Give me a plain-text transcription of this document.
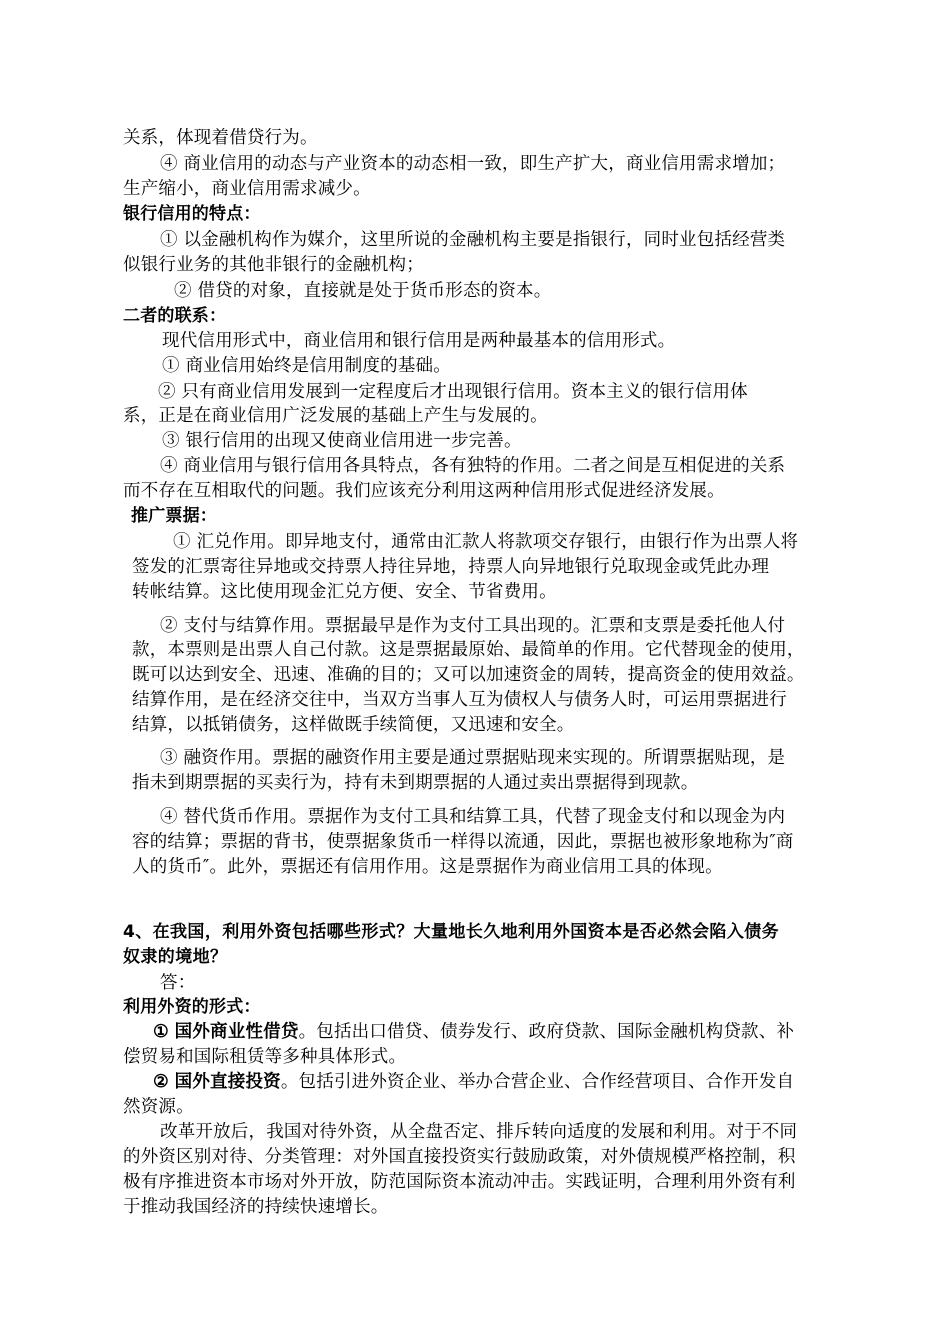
关系，体现着借贷行为。
④ 商业信用的动态与产业资本的动态相一致，即生产扩大，商业信用需求增加；
生产缩小，商业信用需求减少。
银行信用的特点：
① 以金融机构作为媒介，这里所说的金融机构主要是指银行，同时业包括经营类
似银行业务的其他非银行的金融机构；
② 借贷的对象，直接就是处于货币形态的资本。
二者的联系：
现代信用形式中，商业信用和银行信用是两种最基本的信用形式。
① 商业信用始终是信用制度的基础。
② 只有商业信用发展到一定程度后才出现银行信用。资本主义的银行信用体
系，正是在商业信用广泛发展的基础上产生与发展的。
③ 银行信用的出现又使商业信用进一步完善。
④ 商业信用与银行信用各具特点，各有独特的作用。二者之间是互相促进的关系
而不存在互相取代的问题。我们应该充分利用这两种信用形式促进经济发展。
推广票据：
① 汇兑作用。即异地支付，通常由汇款人将款项交存银行，由银行作为出票人将
签发的汇票寄往异地或交持票人持往异地，持票人向异地银行兑取现金或凭此办理
转帐结算。这比使用现金汇兑方便、安全、节省费用。
② 支付与结算作用。票据最早是作为支付工具出现的。汇票和支票是委托他人付
款，本票则是出票人自己付款。这是票据最原始、最简单的作用。它代替现金的使用，
既可以达到安全、迅速、准确的目的；又可以加速资金的周转，提高资金的使用效益。
结算作用，是在经济交往中，当双方当事人互为债权人与债务人时，可运用票据进行
结算，以抵销债务，这样做既手续简便，又迅速和安全。
③ 融资作用。票据的融资作用主要是通过票据贴现来实现的。所谓票据贴现，是
指未到期票据的买卖行为，持有未到期票据的人通过卖出票据得到现款。
④ 替代货币作用。票据作为支付工具和结算工具，代替了现金支付和以现金为内
容的结算；票据的背书，使票据象货币一样得以流通，因此，票据也被形象地称为″商
人的货币″。此外，票据还有信用作用。这是票据作为商业信用工具的体现。
4、在我国，利用外资包括哪些形式？大量地长久地利用外国资本是否必然会陷入债务
奴隶的境地？
答：
利用外资的形式：
① 国外商业性借贷。包括出口借贷、债券发行、政府贷款、国际金融机构贷款、补
偿贸易和国际租赁等多种具体形式。
② 国外直接投资。包括引进外资企业、举办合营企业、合作经营项目、合作开发自
然资源。
改革开放后，我国对待外资，从全盘否定、排斥转向适度的发展和利用。对于不同
的外资区别对待、分类管理：对外国直接投资实行鼓励政策，对外债规模严格控制，积
极有序推进资本市场对外开放，防范国际资本流动冲击。实践证明，合理利用外资有利
于推动我国经济的持续快速增长。
